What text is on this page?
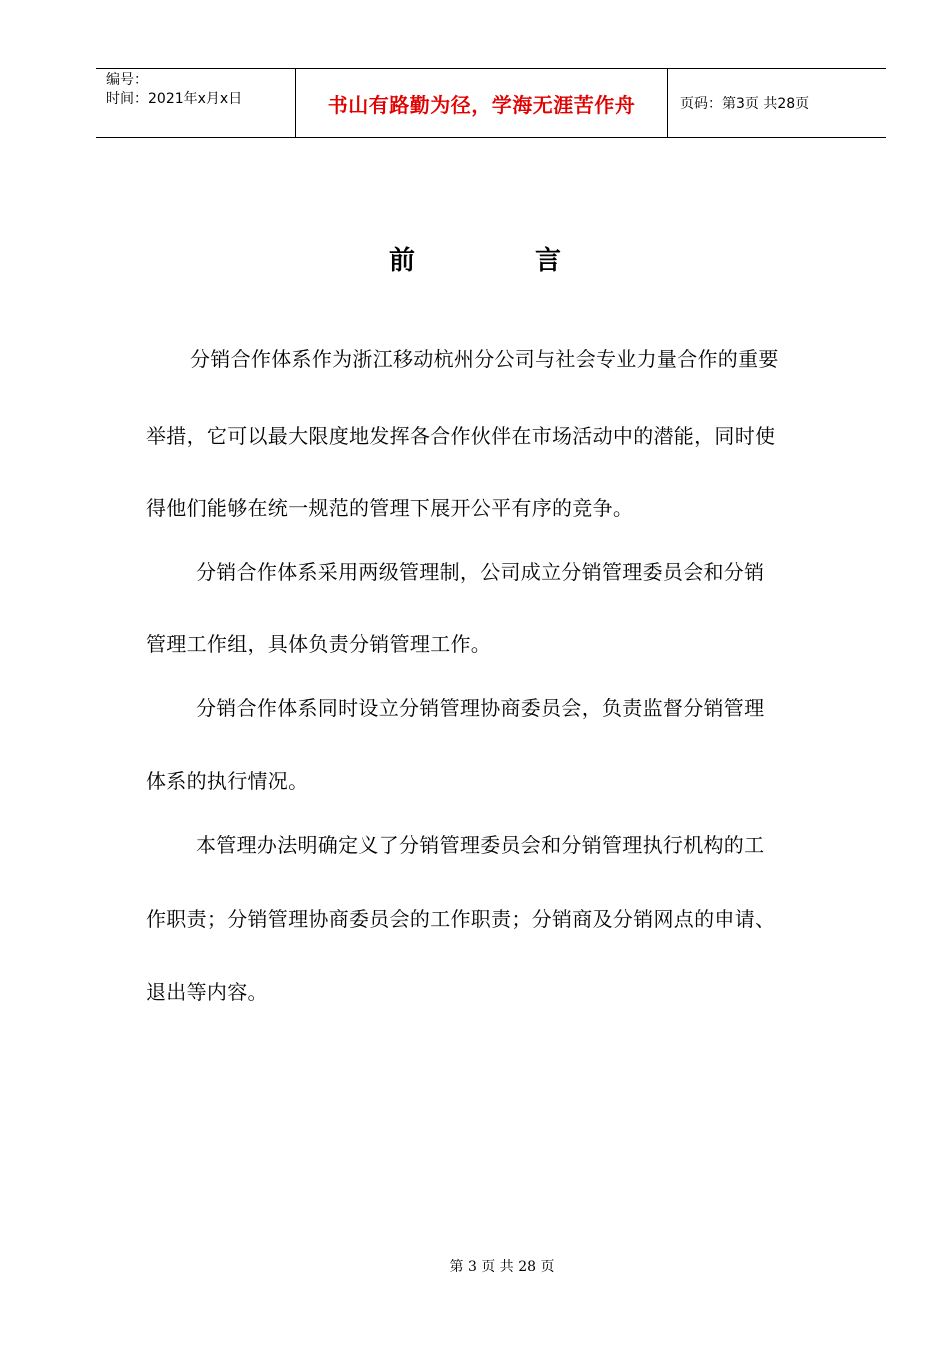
编号：
时间：2021年x月x日	书山有路勤为径，学海无涯苦作舟	页码：第3页 共28页
前	言
分销合作体系作为浙江移动杭州分公司与社会专业力量合作的重要
举措，它可以最大限度地发挥各合作伙伴在市场活动中的潜能，同时使
得他们能够在统一规范的管理下展开公平有序的竞争。
分销合作体系采用两级管理制，公司成立分销管理委员会和分销
管理工作组，具体负责分销管理工作。
分销合作体系同时设立分销管理协商委员会，负责监督分销管理
体系的执行情况。
本管理办法明确定义了分销管理委员会和分销管理执行机构的工
作职责；分销管理协商委员会的工作职责；分销商及分销网点的申请、
退出等内容。
第 3 页 共 28 页
